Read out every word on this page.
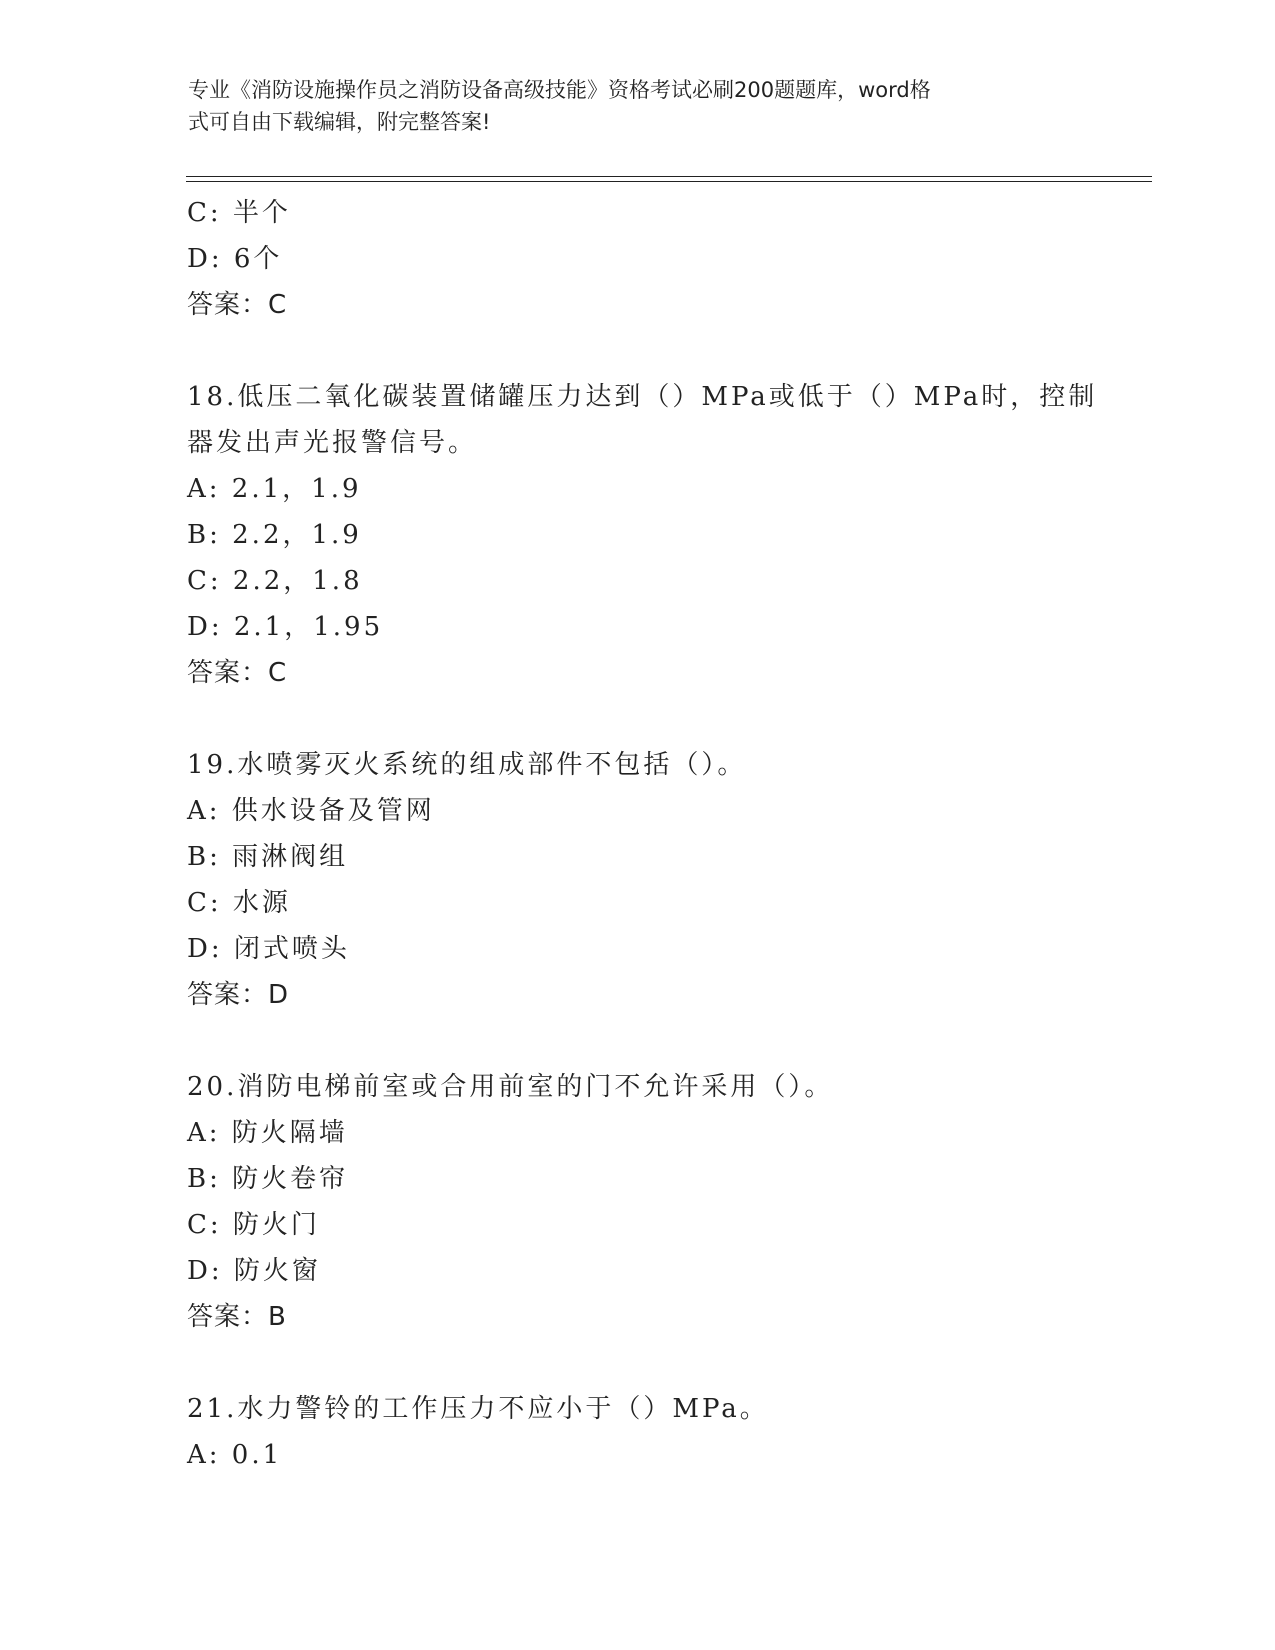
专业《消防设施操作员之消防设备高级技能》资格考试必刷200题题库，word格
式可自由下载编辑，附完整答案!
C: 半个
D: 6个
答案：C
18.低压二氧化碳装置储罐压力达到（）MPa或低于（）MPa时，控制
器发出声光报警信号。
A: 2.1，1.9
B: 2.2，1.9
C: 2.2，1.8
D: 2.1，1.95
答案：C
19.水喷雾灭火系统的组成部件不包括（）。
A: 供水设备及管网
B: 雨淋阀组
C: 水源
D: 闭式喷头
答案：D
20.消防电梯前室或合用前室的门不允许采用（）。
A: 防火隔墙
B: 防火卷帘
C: 防火门
D: 防火窗
答案：B
21.水力警铃的工作压力不应小于（）MPa。
A: 0.1
